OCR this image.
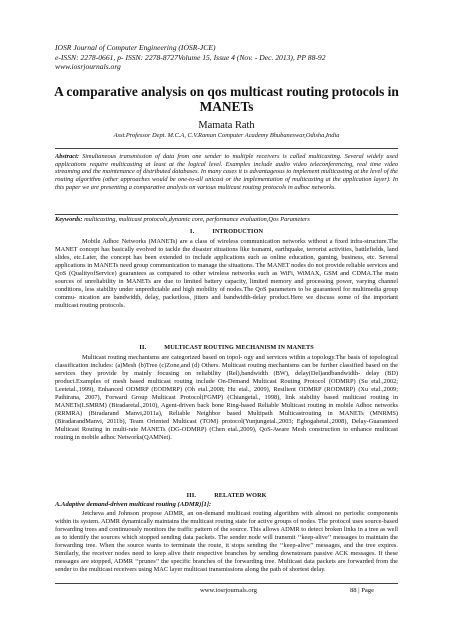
IOSR Journal of Computer Engineering (IOSR-JCE)
e-ISSN: 2278-0661, p- ISSN: 2278-8727Volume 15, Issue 4 (Nov. - Dec. 2013), PP 88-92
www.iosrjournals.org
A comparative analysis on qos multicast routing protocols in MANETs
Mamata Rath
Asst.Professor Dept. M.C.A, C.V.Raman Computer Academy Bhubaneswar,Odisha,India
Abstract: Simultaneous transmission of data from one sender to multiple receivers is called multicasting. Several widely used applications require multicasting at least at the logical level. Examples include audio video teleconferencing, real time video streaming and the maintenance of distributed databases. In many cases it is advantageous to implement multicasting at the level of the routing algorithm (other approaches would be one-to-all unicast or the implementation of multicasting at the application layer). In this paper we are presenting a comparative analysis on various multicast routing protocols in adhoc networks.
Keywords: multicasting, multicast protocols,dynamic core, performance evaluation,Qos Parameters
I.	INTRODUCTION
Mobile Adhoc Networks (MANETs) are a class of wireless communication networks without a fixed infra-structure.The MANET concept has basically evolved to tackle the disaster situations like tsunami, earthquake, terrorist activities, battlefields, land slides, etc.Later, the concept has been extended to include applications such as online education, gaming, business, etc. Several applications in MANETs need group communication to manage the situations. The MANET nodes do not provide reliable services and QoS (QualityofService) guarantees as compared to other wireless networks such as WiFi, WiMAX, GSM and CDMA.The main sources of unreliability in MANETs are due to limited battery capacity, limited memory and processing power, varying channel conditions, less stability under unpredictable and high mobility of nodes.The QoS parameters to be guaranteed for multimedia group commu- nication are bandwidth, delay, packetloss, jitters and bandwidth-delay product.Here we discuss some of the important multicast routing protocols.
II.	MULTICAST ROUTING MECHANISM IN MANETS
Multicast routing mechanisms are categorized based on topol- ogy and services within a topology.The basis of topological classification includes: (a)Mesh (b)Tree (c)Zone,and (d) Others. Multicast routing mechanisms can be further classified based on the services they provide by mainly focusing on reliability (Rel),bandwidth (BW), delay(Del)andbandwidth- delay (BD) product.Examples of mesh based multicast routing include On-Demand Multicast Routing Protocol (ODMRP) (Su etal.,2002; Leetetal.,1999), Enhanced ODMRP (EODMRP) (Oh etal.,2008; Hu etal., 2009), Resilient ODMRP (RODMRP) (Xu etal.,2009; Pathirana, 2007), Forward Group Multicast Protocol(FGMP) (Chiangetal., 1998), link stability based multicast routing in MANETs(LSMRM) (Biradaretal.,2010), Agent-driven back bone Ring-based Reliable Multicast routing in mobile Adhoc networks (RRMRA) (Biradarand Manvi,2011a), Reliable Neighbor based Multipath Multicastrouting in MANETs (MNRMS) (BiradarandManvi, 2011b), Team Oriented Multicast (TOM) protocol(Yunjungetal.,2003; Egbogahetal.,2008), Delay-Guaranteed Multicast Routing in multi-rate MANETs (DG-ODMRP) (Chen etal.,2009), QoS-Aware Mesh construction to enhance multicast routing in mobile adhoc Networks(QAMNet).
III.	RELATED WORK
A.Adaptive demand-driven multicast routing (ADMR)[1]:
Jetcheva and Johnson propose ADMR, an on-demand multicast routing algorithm with almost no periodic components within its system. ADMR dynamically maintains the multicast routing state for active groups of nodes. The protocol uses source-based forwarding trees and continuously monitors the traffic pattern of the source. This allows ADMR to detect broken links in a tree as well as to identify the sources which stopped sending data packets. The sender node will transmit ‘‘keep-alive’’ messages to maintain the forwarding tree. When the source wants to terminate the route, it stops sending the ‘‘keep-alive’’ messages, and the tree expires. Similarly, the receiver nodes need to keep alive their respective branches by sending downstream passive ACK messages. If these messages are stopped, ADMR ‘‘prunes’’ the specific branches of the forwarding tree. Multicast data packets are forwarded from the sender to the multicast receivers using MAC layer multicast transmissions along the path of shortest delay.
www.iosrjournals.org	88 | Page
